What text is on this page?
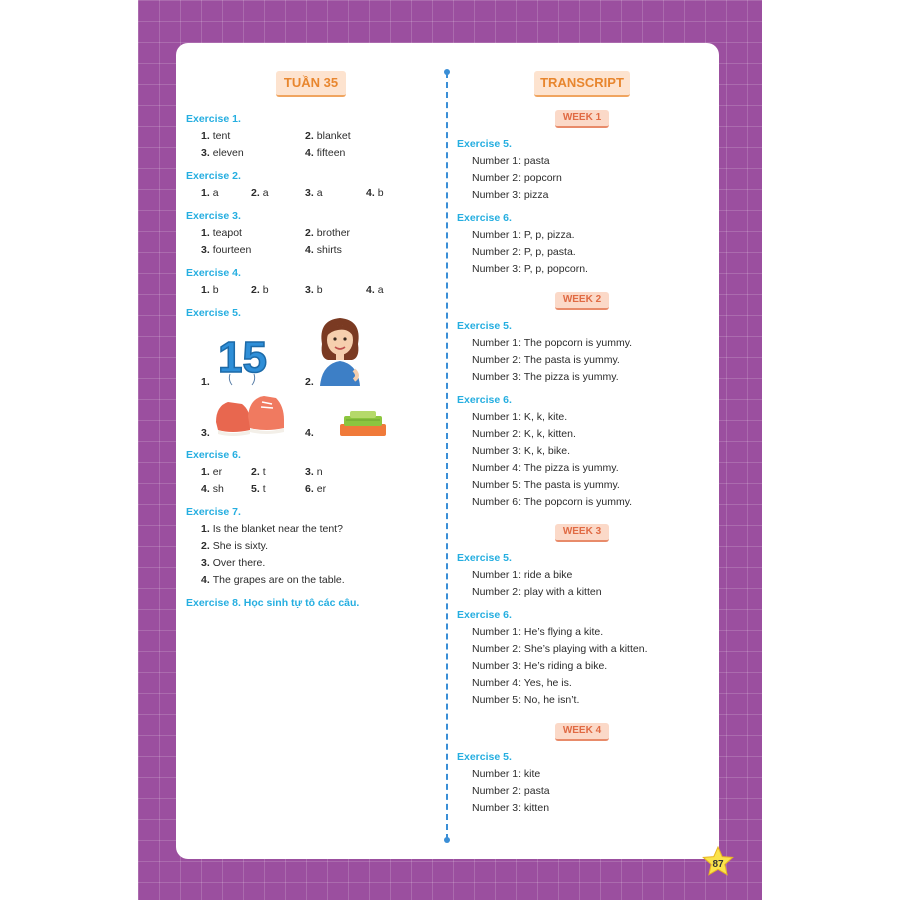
TUẦN 35	TRANSCRIPT
Exercise 1.
1. tent	2. blanket
3. eleven	4. fifteen
Exercise 2.
1. a	2. a	3. a	4. b
Exercise 3.
1. teapot	2. brother
3. fourteen	4. shirts
Exercise 4.
1. b	2. b	3. b	4. a
Exercise 5.
1.	2.
3.	4.
15
Exercise 6.
1. er	2. t	3. n
4. sh	5. t	6. er
Exercise 7.
1. Is the blanket near the tent?
2. She is sixty.
3. Over there.
4. The grapes are on the table.
Exercise 8. Học sinh tự tô các câu.
WEEK 1
Exercise 5.
Number 1: pasta
Number 2: popcorn
Number 3: pizza
Exercise 6.
Number 1: P, p, pizza.
Number 2: P, p, pasta.
Number 3: P, p, popcorn.
WEEK 2
Exercise 5.
Number 1: The popcorn is yummy.
Number 2: The pasta is yummy.
Number 3: The pizza is yummy.
Exercise 6.
Number 1: K, k, kite.
Number 2: K, k, kitten.
Number 3: K, k, bike.
Number 4: The pizza is yummy.
Number 5: The pasta is yummy.
Number 6: The popcorn is yummy.
WEEK 3
Exercise 5.
Number 1: ride a bike
Number 2: play with a kitten
Exercise 6.
Number 1: He’s flying a kite.
Number 2: She’s playing with a kitten.
Number 3: He’s riding a bike.
Number 4: Yes, he is.
Number 5: No, he isn’t.
WEEK 4
Exercise 5.
Number 1: kite
Number 2: pasta
Number 3: kitten
87
